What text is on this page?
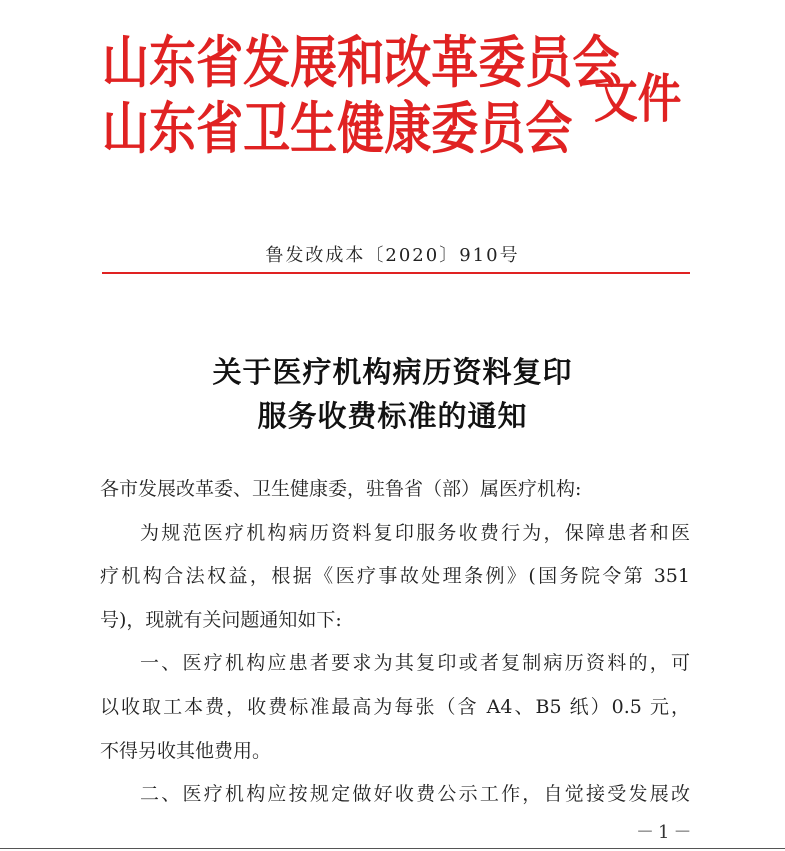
山东省发展和改革委员会
山东省卫生健康委员会 文件
鲁发改成本〔2020〕910号
关于医疗机构病历资料复印
服务收费标准的通知
各市发展改革委、卫生健康委，驻鲁省（部）属医疗机构:
为规范医疗机构病历资料复印服务收费行为，保障患者和医
疗机构合法权益，根据《医疗事故处理条例》(国务院令第 351
号)，现就有关问题通知如下:
一、医疗机构应患者要求为其复印或者复制病历资料的，可
以收取工本费，收费标准最高为每张（含 A4、B5 纸）0.5 元，
不得另收其他费用。
二、医疗机构应按规定做好收费公示工作，自觉接受发展改
－1－
